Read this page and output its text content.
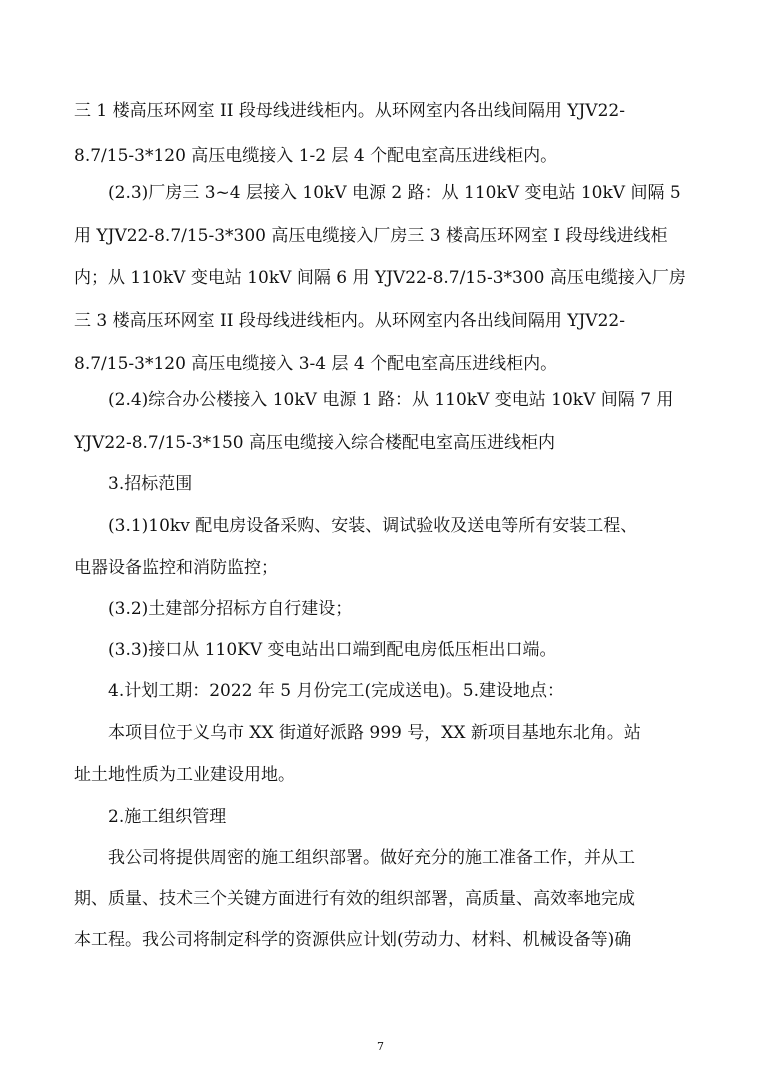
三 1 楼高压环网室 II 段母线进线柜内。从环网室内各出线间隔用 YJV22-
8.7/15-3*120 高压电缆接入 1-2 层 4 个配电室高压进线柜内。
(2.3)厂房三 3~4 层接入 10kV 电源 2 路：从 110kV 变电站 10kV 间隔 5
用 YJV22-8.7/15-3*300 高压电缆接入厂房三 3 楼高压环网室 I 段母线进线柜
内；从 110kV 变电站 10kV 间隔 6 用 YJV22-8.7/15-3*300 高压电缆接入厂房
三 3 楼高压环网室 II 段母线进线柜内。从环网室内各出线间隔用 YJV22-
8.7/15-3*120 高压电缆接入 3-4 层 4 个配电室高压进线柜内。
(2.4)综合办公楼接入 10kV 电源 1 路：从 110kV 变电站 10kV 间隔 7 用
YJV22-8.7/15-3*150 高压电缆接入综合楼配电室高压进线柜内
3.招标范围
(3.1)10kv 配电房设备采购、安装、调试验收及送电等所有安装工程、
电器设备监控和消防监控；
(3.2)土建部分招标方自行建设；
(3.3)接口从 110KV 变电站出口端到配电房低压柜出口端。
4.计划工期：2022 年 5 月份完工(完成送电)。5.建设地点：
本项目位于义乌市 XX 街道好派路 999 号，XX 新项目基地东北角。站
址土地性质为工业建设用地。
2.施工组织管理
我公司将提供周密的施工组织部署。做好充分的施工准备工作，并从工
期、质量、技术三个关键方面进行有效的组织部署，高质量、高效率地完成
本工程。我公司将制定科学的资源供应计划(劳动力、材料、机械设备等)确
7
